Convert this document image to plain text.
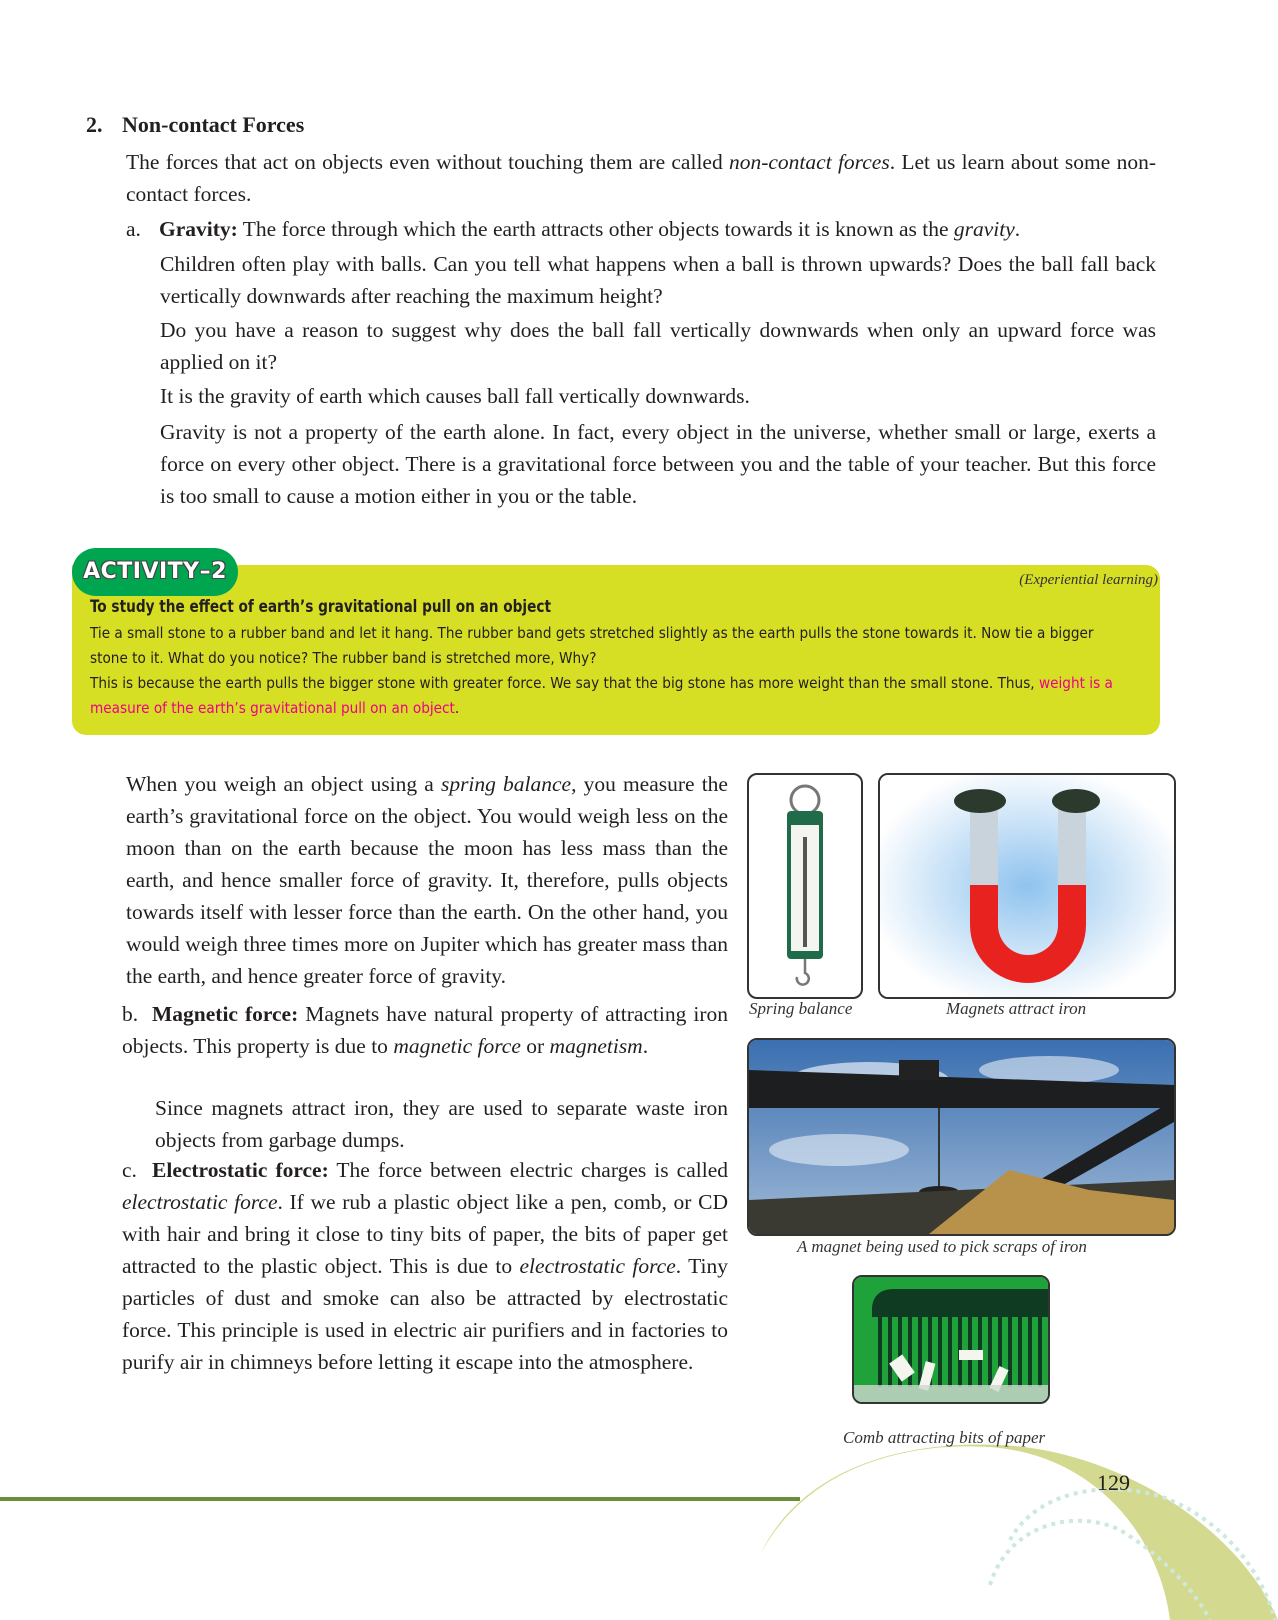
2. Non-contact Forces
The forces that act on objects even without touching them are called non-contact forces. Let us learn about some non-contact forces.
a. Gravity: The force through which the earth attracts other objects towards it is known as the gravity.
Children often play with balls. Can you tell what happens when a ball is thrown upwards? Does the ball fall back vertically downwards after reaching the maximum height?
Do you have a reason to suggest why does the ball fall vertically downwards when only an upward force was applied on it?
It is the gravity of earth which causes ball fall vertically downwards.
Gravity is not a property of the earth alone. In fact, every object in the universe, whether small or large, exerts a force on every other object. There is a gravitational force between you and the table of your teacher. But this force is too small to cause a motion either in you or the table.
ACTIVITY–2	(Experiential learning)
To study the effect of earth’s gravitational pull on an object
Tie a small stone to a rubber band and let it hang. The rubber band gets stretched slightly as the earth pulls the stone towards it. Now tie a bigger
stone to it. What do you notice? The rubber band is stretched more, Why?
This is because the earth pulls the bigger stone with greater force. We say that the big stone has more weight than the small stone. Thus, weight is a
measure of the earth’s gravitational pull on an object.
When you weigh an object using a spring balance, you measure the earth’s gravitational force on the object. You would weigh less on the moon than on the earth because the moon has less mass than the earth, and hence smaller force of gravity. It, therefore, pulls objects towards itself with lesser force than the earth. On the other hand, you would weigh three times more on Jupiter which has greater mass than the earth, and hence greater force of gravity.
b. Magnetic force: Magnets have natural property of attracting iron objects. This property is due to magnetic force or magnetism.
Since magnets attract iron, they are used to separate waste iron objects from garbage dumps.
c. Electrostatic force: The force between electric charges is called electrostatic force. If we rub a plastic object like a pen, comb, or CD with hair and bring it close to tiny bits of paper, the bits of paper get attracted to the plastic object. This is due to electrostatic force. Tiny particles of dust and smoke can also be attracted by electrostatic force. This principle is used in electric air purifiers and in factories to purify air in chimneys before letting it escape into the atmosphere.
Spring balance	Magnets attract iron
A magnet being used to pick scraps of iron
Comb attracting bits of paper
129
